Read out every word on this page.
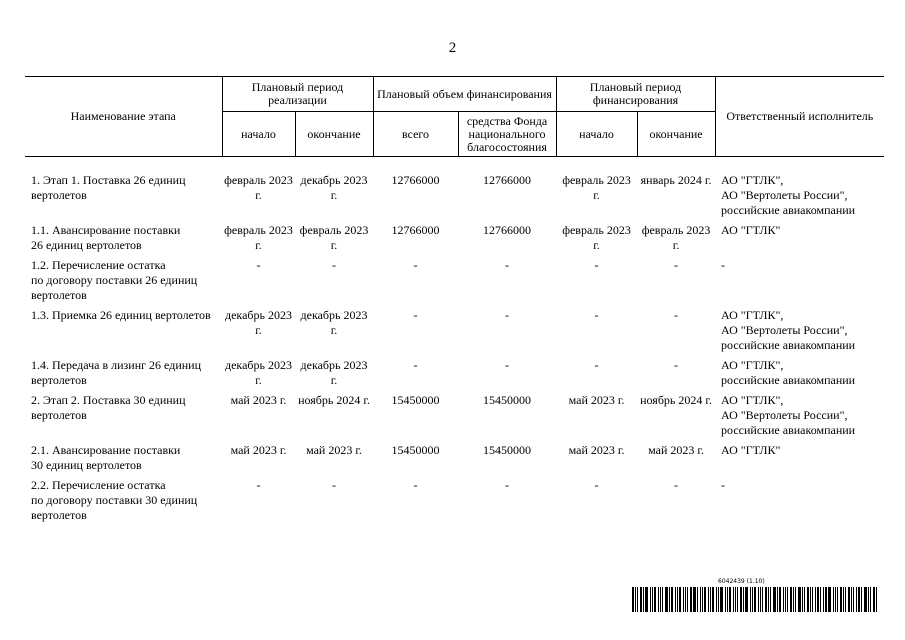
2
Наименование этапа	Плановый период реализации		Плановый объем финансирования		Плановый период финансирования		Ответственный исполнитель
	начало	окончание	всего	средства Фонда национального благосостояния	начало	окончание	
1. Этап 1. Поставка 26 единиц вертолетов	февраль 2023 г.	декабрь 2023 г.	12766000	12766000	февраль 2023 г.	январь 2024 г.	АО "ГТЛК",
АО "Вертолеты России",
российские авиакомпании
1.1. Авансирование поставки
26 единиц вертолетов	февраль 2023 г.	февраль 2023 г.	12766000	12766000	февраль 2023 г.	февраль 2023 г.	АО "ГТЛК"
1.2. Перечисление остатка
по договору поставки 26 единиц вертолетов	-	-	-	-	-	-	-
1.3. Приемка 26 единиц вертолетов	декабрь 2023 г.	декабрь 2023 г.	-	-	-	-	АО "ГТЛК",
АО "Вертолеты России",
российские авиакомпании
1.4. Передача в лизинг 26 единиц вертолетов	декабрь 2023 г.	декабрь 2023 г.	-	-	-	-	АО "ГТЛК",
российские авиакомпании
2. Этап 2. Поставка 30 единиц вертолетов	май 2023 г.	ноябрь 2024 г.	15450000	15450000	май 2023 г.	ноябрь 2024 г.	АО "ГТЛК",
АО "Вертолеты России",
российские авиакомпании
2.1. Авансирование поставки
30 единиц вертолетов	май 2023 г.	май 2023 г.	15450000	15450000	май 2023 г.	май 2023 г.	АО "ГТЛК"
2.2. Перечисление остатка
по договору поставки 30 единиц вертолетов	-	-	-	-	-	-	-
6042439 (1.10)
